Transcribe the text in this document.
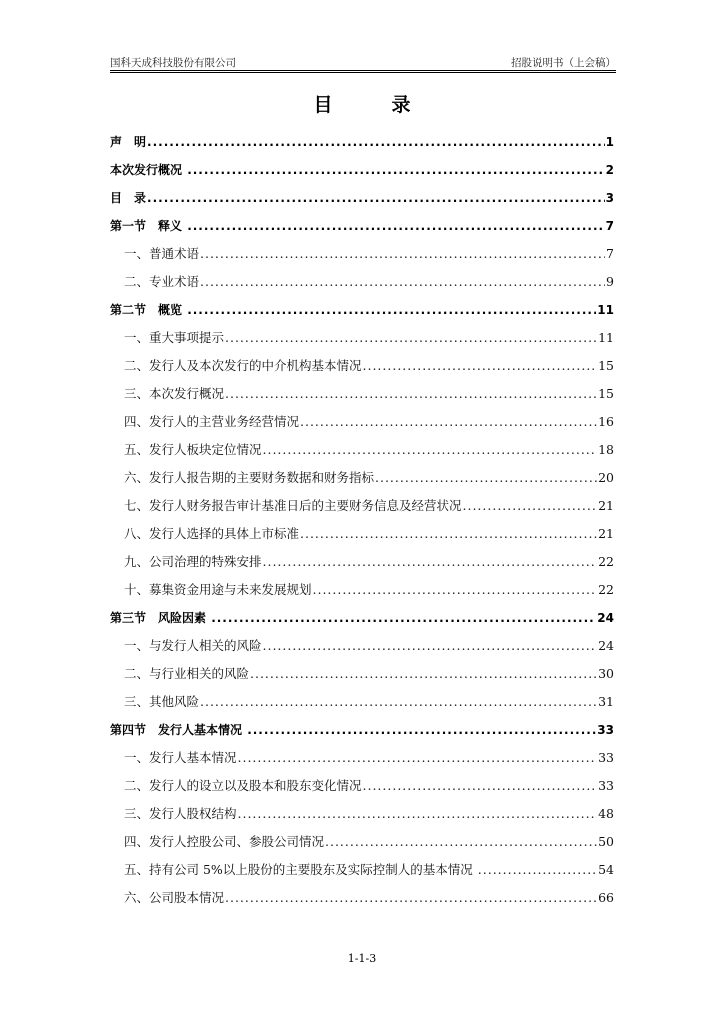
国科天成科技股份有限公司	招股说明书（上会稿）
目　录
声　明 .....	1
本次发行概况 .....	2
目　录 .....	3
第一节　释义 .....	7
一、普通术语 .....	7
二、专业术语 .....	9
第二节　概览 .....	11
一、重大事项提示 .....	11
二、发行人及本次发行的中介机构基本情况 .....	15
三、本次发行概况 .....	15
四、发行人的主营业务经营情况 .....	16
五、发行人板块定位情况 .....	18
六、发行人报告期的主要财务数据和财务指标 .....	20
七、发行人财务报告审计基准日后的主要财务信息及经营状况 .....	21
八、发行人选择的具体上市标准 .....	21
九、公司治理的特殊安排 .....	22
十、募集资金用途与未来发展规划 .....	22
第三节　风险因素 .....	24
一、与发行人相关的风险 .....	24
二、与行业相关的风险 .....	30
三、其他风险 .....	31
第四节　发行人基本情况 .....	33
一、发行人基本情况 .....	33
二、发行人的设立以及股本和股东变化情况 .....	33
三、发行人股权结构 .....	48
四、发行人控股公司、参股公司情况 .....	50
五、持有公司 5%以上股份的主要股东及实际控制人的基本情况 .....	54
六、公司股本情况 .....	66
1-1-3
